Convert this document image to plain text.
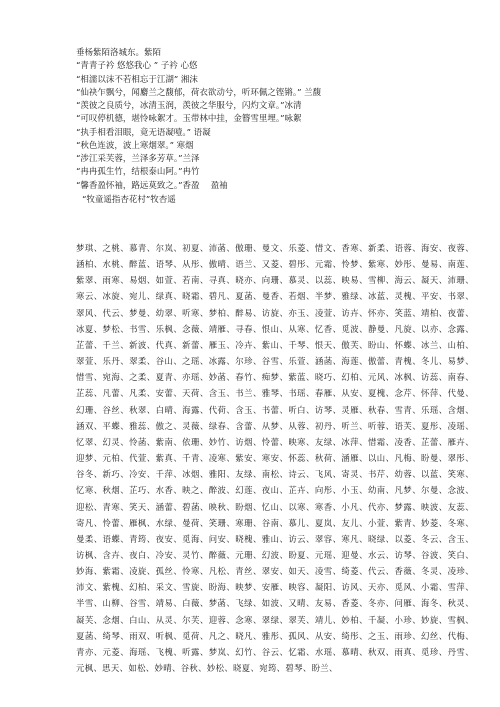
垂杨紫陌洛城东。紫陌
“青青子衿 悠悠我心 ” 子衿 心悠
“相濡以沫不若相忘于江湖” 湘沫
“仙袂乍飘兮，闻麝兰之馥郁，荷衣欲动兮，听环佩之铿锵。” 兰馥
“羡彼之良质兮，冰清玉润，羡彼之华服兮，闪灼文章。”冰清
“可叹停机德，堪怜咏絮才。玉带林中挂，金簪雪里埋。”咏絮
“执手相看泪眼，竟无语凝噎。” 语凝
“秋色连波，波上寒烟翠。” 寒烟
“涉江采芙蓉，兰泽多芳草。”兰泽
“冉冉孤生竹，结根泰山阿。”冉竹
“馨香盈怀袖，路远莫致之。”香盈　 盈袖
“牧童遥指杏花村”牧杏遥
梦琪、之桃、慕青、尔岚、初夏、沛菡、傲珊、曼文、乐菱、惜文、香寒、新柔、语蓉、海安、夜蓉、涵柏、水桃、醉蓝、语琴、从彤、傲晴、语兰、又菱、碧彤、元霜、怜梦、紫寒、妙彤、曼易、南莲、紫翠、雨寒、易烟、如萱、若南、寻真、晓亦、向珊、慕灵、以蕊、映易、雪柳、海云、凝天、沛珊、寒云、冰旋、宛儿、绿真、晓霜、碧凡、夏菡、曼香、若烟、半梦、雅绿、冰蓝、灵槐、平安、书翠、翠风、代云、梦曼、幼翠、听寒、梦柏、醉易、访旋、亦玉、凌萱、访卉、怀亦、笑蓝、靖柏、夜蕾、冰夏、梦松、书雪、乐枫、念薇、靖雁、寻春、恨山、从寒、忆香、觅波、静曼、凡旋、以亦、念露、芷蕾、千兰、新波、代真、新蕾、雁玉、冷卉、紫山、千琴、恨天、傲芙、盼山、怀蝶、冰兰、山柏、翠萱、乐丹、翠柔、谷山、之瑶、冰露、尔珍、谷雪、乐萱、涵菡、海莲、傲蕾、青槐、冬儿、易梦、惜雪、宛海、之柔、夏青、亦瑶、妙菡、春竹、痴梦、紫蓝、晓巧、幻柏、元风、冰枫、访蕊、南春、芷蕊、凡蕾、凡柔、安蕾、天荷、含玉、书兰、雅琴、书瑶、春雁、从安、夏槐、念芹、怀萍、代曼、幻珊、谷丝、秋翠、白晴、海露、代荷、含玉、书蕾、听白、访琴、灵雁、秋春、雪青、乐瑶、含烟、涵双、平蝶、雅蕊、傲之、灵薇、绿春、含蕾、从梦、从蓉、初丹、听兰、听蓉、语芙、夏彤、凌瑶、忆翠、幻灵、怜菡、紫南、依珊、妙竹、访烟、怜蕾、映寒、友绿、冰萍、惜霜、凌香、芷蕾、雁卉、迎梦、元柏、代萱、紫真、千青、凌寒、紫安、寒安、怀蕊、秋荷、涵雁、以山、凡梅、盼曼、翠彤、谷冬、新巧、冷安、千萍、冰烟、雅阳、友绿、南松、诗云、飞风、寄灵、书芹、幼蓉、以蓝、笑寒、忆寒、秋烟、芷巧、水香、映之、醉波、幻莲、夜山、芷卉、向彤、小玉、幼南、凡梦、尔曼、念波、迎松、青寒、笑天、涵蕾、碧菡、映秋、盼烟、忆山、以寒、寒香、小凡、代亦、梦露、映波、友蕊、寄凡、怜蕾、雁枫、水绿、曼荷、笑珊、寒珊、谷南、慕儿、夏岚、友儿、小萱、紫青、妙菱、冬寒、曼柔、语蝶、青筠、夜安、觅海、问安、晓槐、雅山、访云、翠容、寒凡、晓绿、以菱、冬云、含玉、访枫、含卉、夜白、冷安、灵竹、醉薇、元珊、幻波、盼夏、元瑶、迎曼、水云、访琴、谷波、笑白、妙海、紫霜、凌旋、孤丝、怜寒、凡松、青丝、翠安、如天、凌雪、绮菱、代云、香薇、冬灵、凌珍、沛文、紫槐、幻柏、采文、雪旋、盼海、映梦、安雁、映容、凝阳、访风、天亦、觅风、小霜、雪萍、半雪、山柳、谷雪、靖易、白薇、梦菡、飞绿、如波、又晴、友易、香菱、冬亦、问雁、海冬、秋灵、凝芙、念烟、白山、从灵、尔芙、迎蓉、念寒、翠绿、翠芙、靖儿、妙柏、千凝、小珍、妙旋、雪枫、夏菡、绮琴、雨双、听枫、觅荷、凡之、晓凡、雅彤、孤风、从安、绮彤、之玉、雨珍、幻丝、代梅、青亦、元菱、海瑶、飞槐、听露、梦岚、幻竹、谷云、忆霜、水瑶、慕晴、秋双、雨真、觅珍、丹雪、元枫、思天、如松、妙晴、谷秋、妙松、晓夏、宛筠、碧琴、盼兰、
